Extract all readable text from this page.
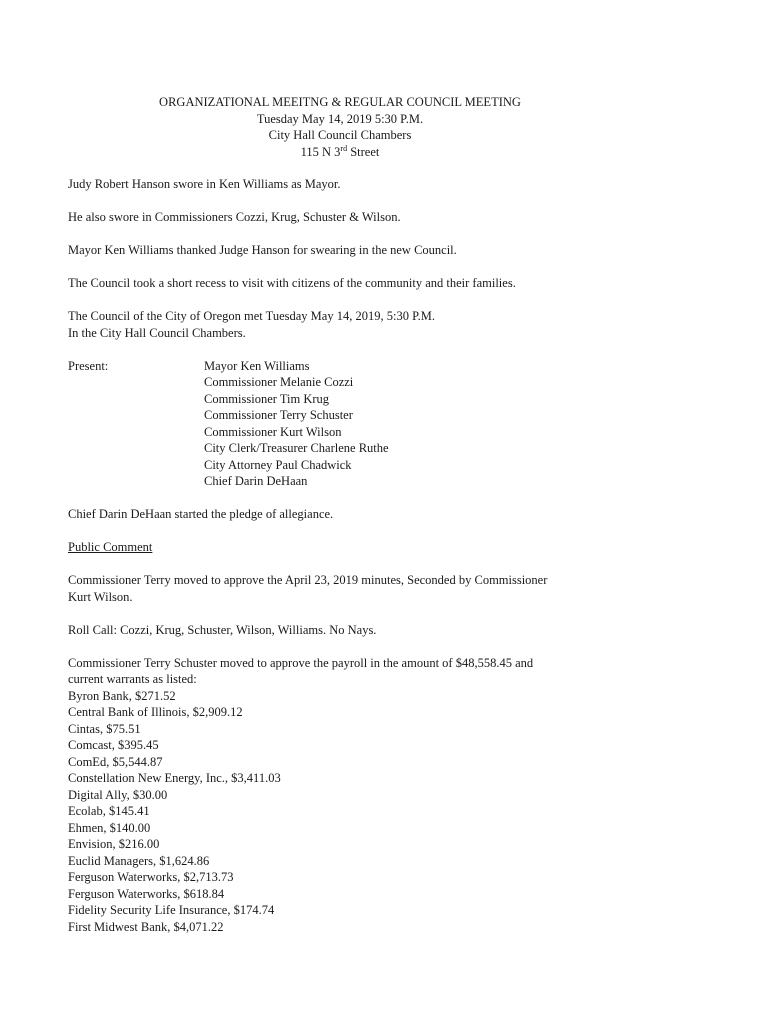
ORGANIZATIONAL MEEITNG & REGULAR COUNCIL MEETING
Tuesday May 14, 2019 5:30 P.M.
City Hall Council Chambers
115 N 3rd Street
Judy Robert Hanson swore in Ken Williams as Mayor.
He also swore in Commissioners Cozzi, Krug, Schuster & Wilson.
Mayor Ken Williams thanked Judge Hanson for swearing in the new Council.
The Council took a short recess to visit with citizens of the community and their families.
The Council of the City of Oregon met Tuesday May 14, 2019, 5:30 P.M.
In the City Hall Council Chambers.
Present:	Mayor Ken Williams
Commissioner Melanie Cozzi
Commissioner Tim Krug
Commissioner Terry Schuster
Commissioner Kurt Wilson
City Clerk/Treasurer Charlene Ruthe
City Attorney Paul Chadwick
Chief Darin DeHaan
Chief Darin DeHaan started the pledge of allegiance.
Public Comment
Commissioner Terry moved to approve the April 23, 2019 minutes, Seconded by Commissioner
Kurt Wilson.
Roll Call: Cozzi, Krug, Schuster, Wilson, Williams. No Nays.
Commissioner Terry Schuster moved to approve the payroll in the amount of $48,558.45 and
current warrants as listed:
Byron Bank, $271.52
Central Bank of Illinois, $2,909.12
Cintas, $75.51
Comcast, $395.45
ComEd, $5,544.87
Constellation New Energy, Inc., $3,411.03
Digital Ally, $30.00
Ecolab, $145.41
Ehmen, $140.00
Envision, $216.00
Euclid Managers, $1,624.86
Ferguson Waterworks, $2,713.73
Ferguson Waterworks, $618.84
Fidelity Security Life Insurance, $174.74
First Midwest Bank, $4,071.22
